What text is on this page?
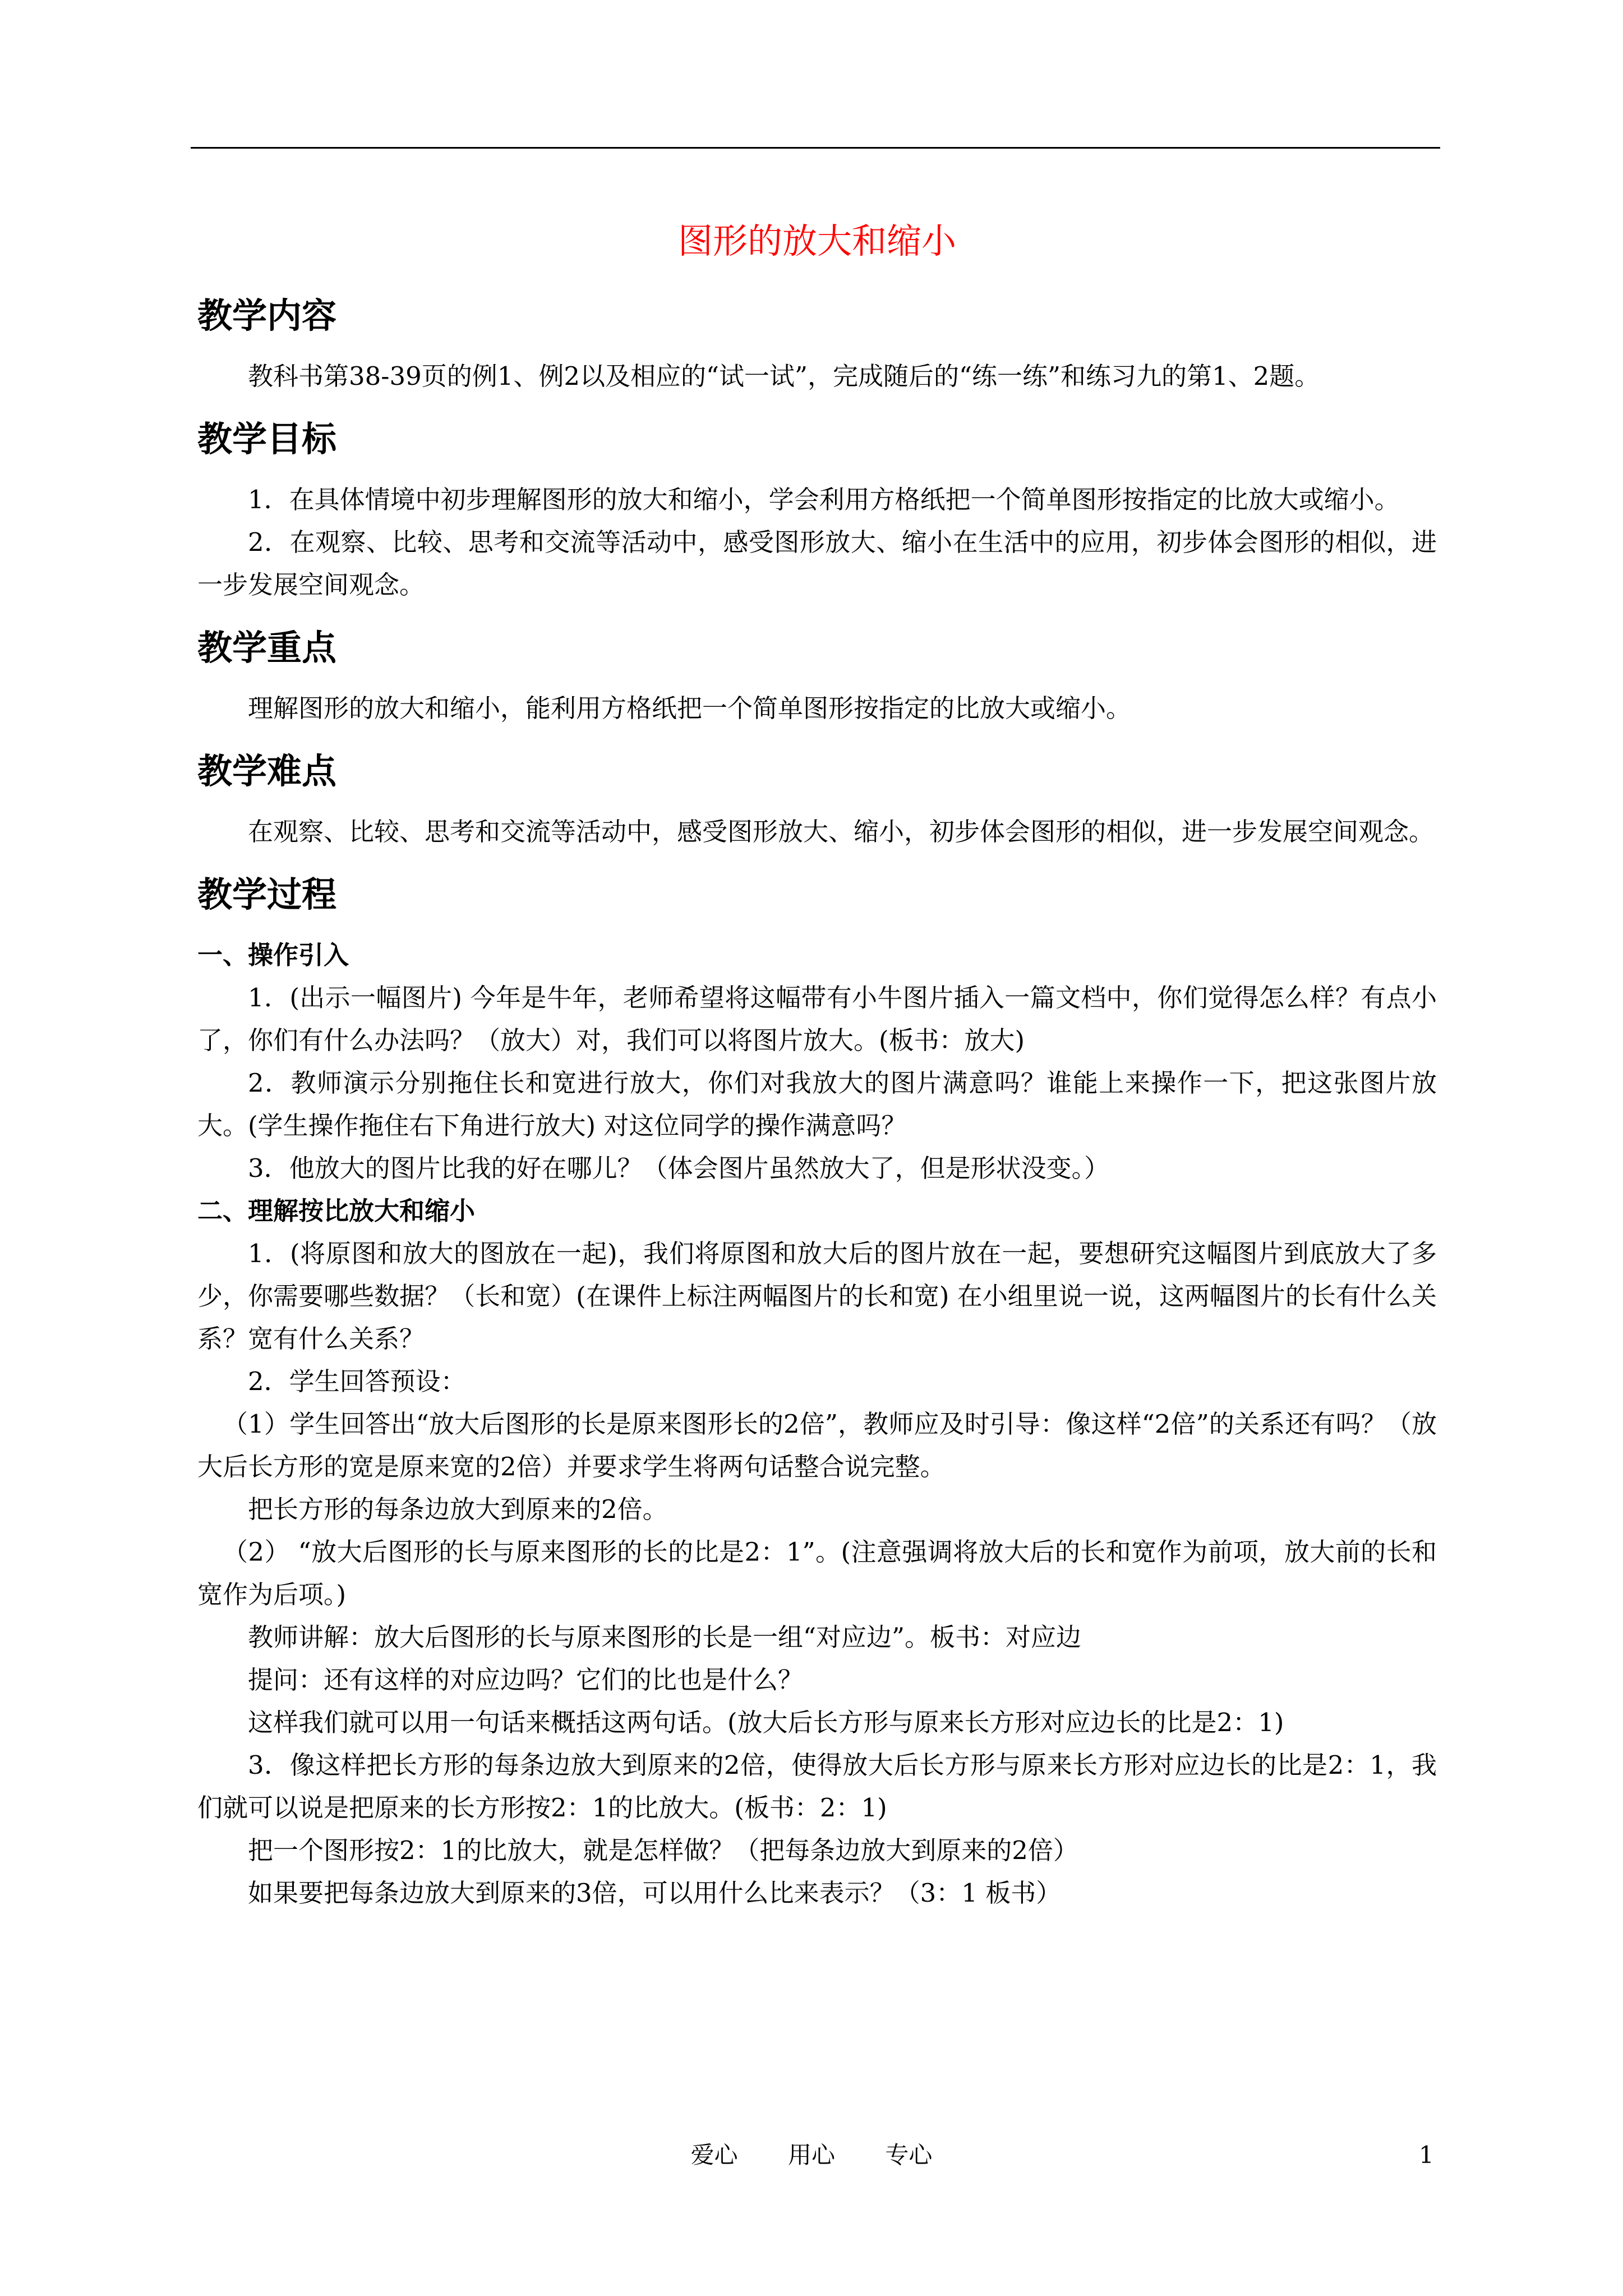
图形的放大和缩小
教学内容

教科书第38-39页的例1、例2以及相应的“试一试”，完成随后的“练一练”和练习九的第1、2题。

教学目标

1．在具体情境中初步理解图形的放大和缩小，学会利用方格纸把一个简单图形按指定的比放大或缩小。

2．在观察、比较、思考和交流等活动中，感受图形放大、缩小在生活中的应用，初步体会图形的相似，进一步发展空间观念。

教学重点

理解图形的放大和缩小，能利用方格纸把一个简单图形按指定的比放大或缩小。

教学难点

在观察、比较、思考和交流等活动中，感受图形放大、缩小，初步体会图形的相似，进一步发展空间观念。

教学过程
一、操作引入

1．(出示一幅图片) 今年是牛年，老师希望将这幅带有小牛图片插入一篇文档中，你们觉得怎么样？有点小了，你们有什么办法吗？（放大）对，我们可以将图片放大。(板书：放大)

2．教师演示分别拖住长和宽进行放大，你们对我放大的图片满意吗？谁能上来操作一下，把这张图片放大。(学生操作拖住右下角进行放大) 对这位同学的操作满意吗？

3．他放大的图片比我的好在哪儿？（体会图片虽然放大了，但是形状没变。）

二、理解按比放大和缩小

1．(将原图和放大的图放在一起)，我们将原图和放大后的图片放在一起，要想研究这幅图片到底放大了多少，你需要哪些数据？（长和宽）(在课件上标注两幅图片的长和宽) 在小组里说一说，这两幅图片的长有什么关系？宽有什么关系？

2．学生回答预设：

（1）学生回答出“放大后图形的长是原来图形长的2倍”，教师应及时引导：像这样“2倍”的关系还有吗？（放大后长方形的宽是原来宽的2倍）并要求学生将两句话整合说完整。

把长方形的每条边放大到原来的2倍。

（2） “放大后图形的长与原来图形的长的比是2：1”。(注意强调将放大后的长和宽作为前项，放大前的长和宽作为后项。)

教师讲解：放大后图形的长与原来图形的长是一组“对应边”。板书：对应边

提问：还有这样的对应边吗？它们的比也是什么？

这样我们就可以用一句话来概括这两句话。(放大后长方形与原来长方形对应边长的比是2：1)

3．像这样把长方形的每条边放大到原来的2倍，使得放大后长方形与原来长方形对应边长的比是2：1，我们就可以说是把原来的长方形按2：1的比放大。(板书：2：1)

把一个图形按2：1的比放大，就是怎样做？（把每条边放大到原来的2倍）

如果要把每条边放大到原来的3倍，可以用什么比来表示？（3：1 板书）

爱心 用心 专心	1
